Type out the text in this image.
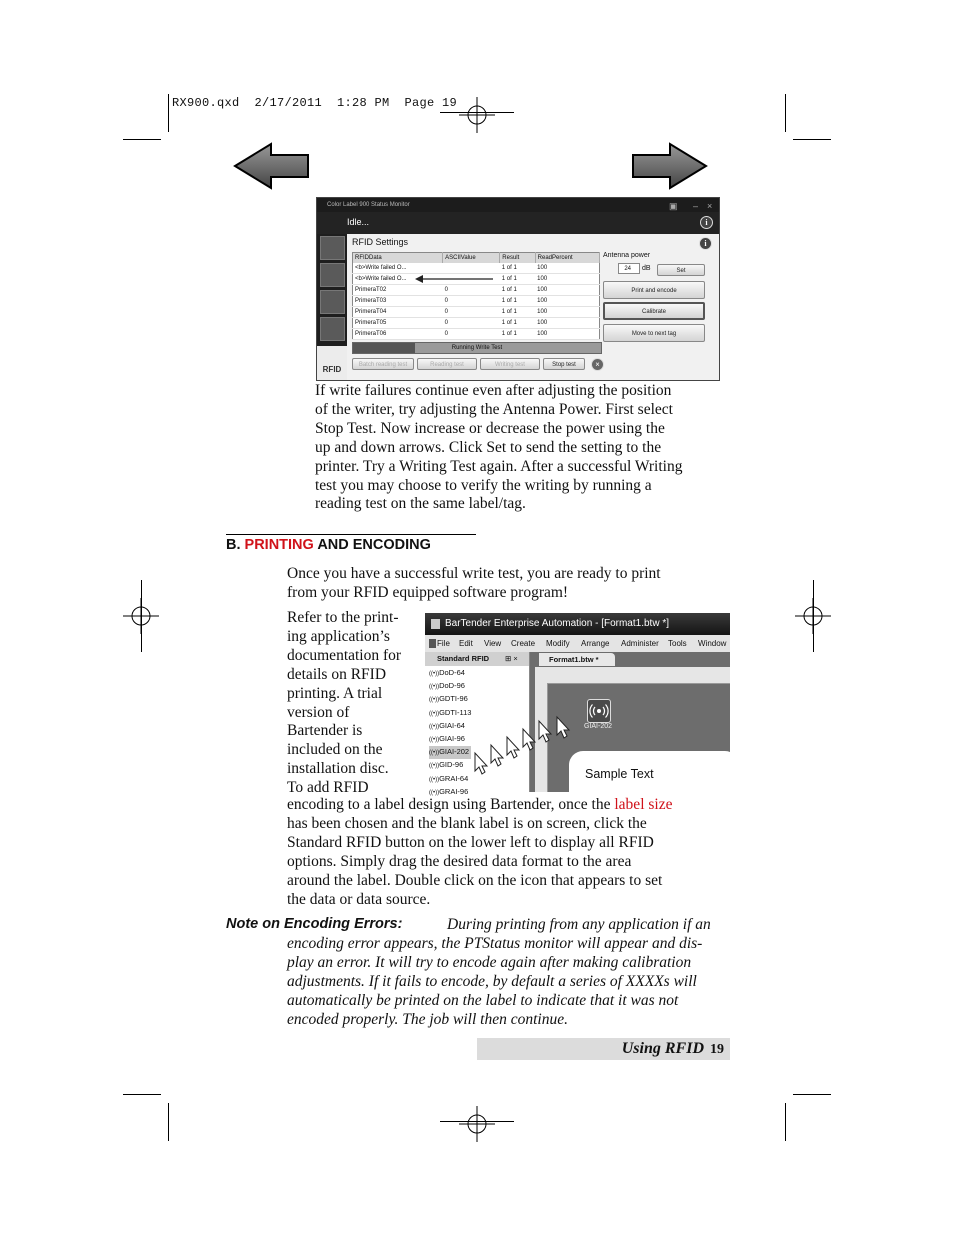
RX900.qxd  2/17/2011  1:28 PM  Page 19
Color Label 900 Status Monitor	▣ – ×
Idle...	i
RFID
RFID Settings	i
RFIDData	ASCIIValue	Result	ReadPercent
<b>Write failed O...		1 of 1	100
<b>Write failed O...		1 of 1	100
PrimeraT02	0	1 of 1	100
PrimeraT03	0	1 of 1	100
PrimeraT04	0	1 of 1	100
PrimeraT05	0	1 of 1	100
PrimeraT06	0	1 of 1	100
Running Write Test
Batch reading test	Reading test	Writing test	Stop test	×
Antenna power
24	dB	Set
Print and encode
Calibrate
Move to next tag
If write failures continue even after adjusting the position
of the writer, try adjusting the Antenna Power. First select
Stop Test. Now increase or decrease the power using the
up and down arrows. Click Set to send the setting to the
printer. Try a Writing Test again. After a successful Writing
test you may choose to verify the writing by running a
reading test on the same label/tag.
B. PRINTING AND ENCODING
Once you have a successful write test, you are ready to print
from your RFID equipped software program!
Refer to the print-
ing application’s
documentation for
details on RFID
printing. A trial
version of
Bartender is
included on the
installation disc.
To add RFID
BarTender Enterprise Automation - [Format1.btw *]
File Edit View Create Modify Arrange Administer Tools Window
Standard RFID ⊞ ×
((•))DoD-64
((•))DoD-96
((•))GDTI-96
((•))GDTI-113
((•))GIAI-64
((•))GIAI-96
((•))GIAI-202
((•))GID-96
((•))GRAI-64
((•))GRAI-96
Format1.btw *
Sample Text
GIAI-202
encoding to a label design using Bartender, once the label size
has been chosen and the blank label is on screen, click the
Standard RFID button on the lower left to display all RFID
options. Simply drag the desired data format to the area
around the label. Double click on the icon that appears to set
the data or data source.
Note on Encoding Errors:	During printing from any application if an
encoding error appears, the PTStatus monitor will appear and dis-
play an error. It will try to encode again after making calibration
adjustments. If it fails to encode, by default a series of XXXXs will
automatically be printed on the label to indicate that it was not
encoded properly. The job will then continue.
Using RFID 19
